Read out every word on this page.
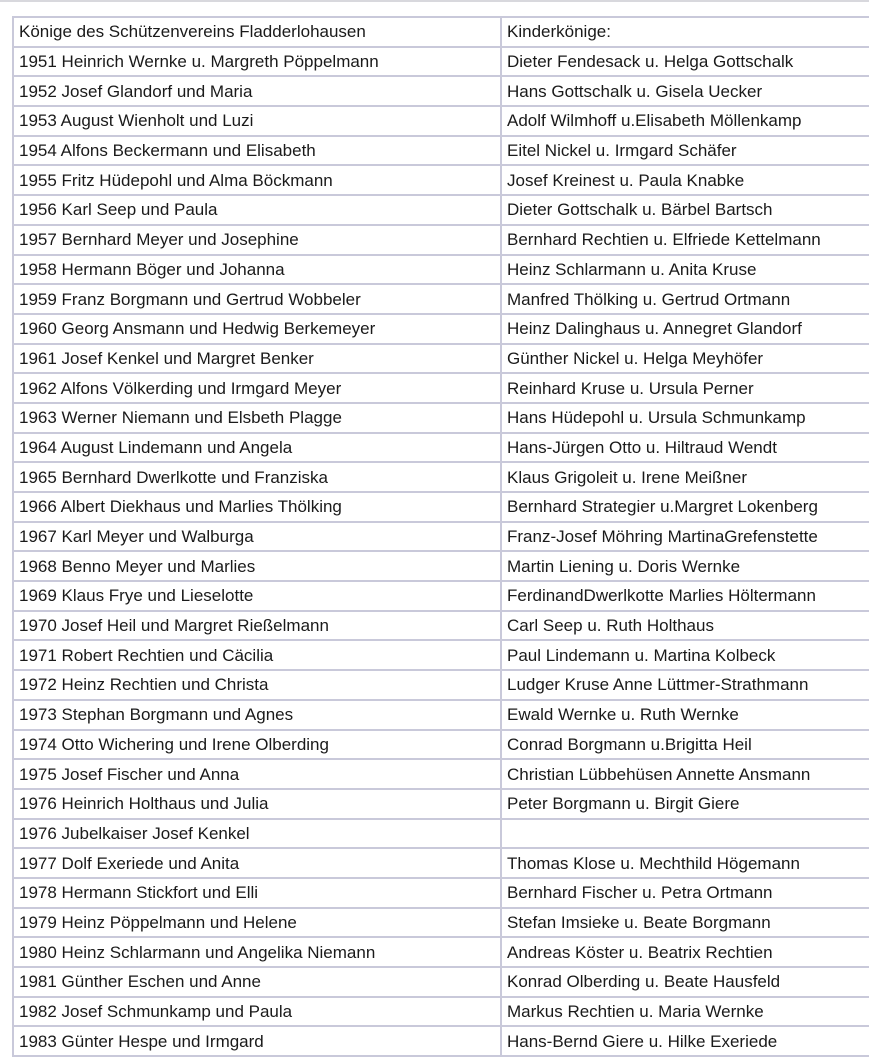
Könige des Schützenvereins Fladderlohausen	Kinderkönige:
1951 Heinrich Wernke u. Margreth Pöppelmann	Dieter Fendesack u. Helga Gottschalk
1952 Josef Glandorf und Maria	Hans Gottschalk u. Gisela Uecker
1953 August Wienholt und Luzi	Adolf Wilmhoff u.Elisabeth Möllenkamp
1954 Alfons Beckermann und Elisabeth	Eitel Nickel u. Irmgard Schäfer
1955 Fritz Hüdepohl und Alma Böckmann	Josef Kreinest u. Paula Knabke
1956 Karl Seep und Paula	Dieter Gottschalk u. Bärbel Bartsch
1957 Bernhard Meyer und Josephine	Bernhard Rechtien u. Elfriede Kettelmann
1958 Hermann Böger und Johanna	Heinz Schlarmann u. Anita Kruse
1959 Franz Borgmann und Gertrud Wobbeler	Manfred Thölking u. Gertrud Ortmann
1960 Georg Ansmann und Hedwig Berkemeyer	Heinz Dalinghaus u. Annegret Glandorf
1961 Josef Kenkel und Margret Benker	Günther Nickel u. Helga Meyhöfer
1962 Alfons Völkerding und Irmgard Meyer	Reinhard Kruse u. Ursula Perner
1963 Werner Niemann und Elsbeth Plagge	Hans Hüdepohl u. Ursula Schmunkamp
1964 August Lindemann und Angela	Hans-Jürgen Otto u. Hiltraud Wendt
1965 Bernhard Dwerlkotte und Franziska	Klaus Grigoleit u. Irene Meißner
1966 Albert Diekhaus und Marlies Thölking	Bernhard Strategier u.Margret Lokenberg
1967 Karl Meyer und Walburga	Franz-Josef Möhring MartinaGrefenstette
1968 Benno Meyer und Marlies	Martin Liening u. Doris Wernke
1969 Klaus Frye und Lieselotte	FerdinandDwerlkotte Marlies Höltermann
1970 Josef Heil und Margret Rießelmann	Carl Seep u. Ruth Holthaus
1971 Robert Rechtien und Cäcilia	Paul Lindemann u. Martina Kolbeck
1972 Heinz Rechtien und Christa	Ludger Kruse Anne Lüttmer-Strathmann
1973 Stephan Borgmann und Agnes	Ewald Wernke u. Ruth Wernke
1974 Otto Wichering und Irene Olberding	Conrad Borgmann u.Brigitta Heil
1975 Josef Fischer und Anna	Christian Lübbehüsen Annette Ansmann
1976 Heinrich Holthaus und Julia	Peter Borgmann u. Birgit Giere
1976 Jubelkaiser Josef Kenkel	
1977 Dolf Exeriede und Anita	Thomas Klose u. Mechthild Högemann
1978 Hermann Stickfort und Elli	Bernhard Fischer u. Petra Ortmann
1979 Heinz Pöppelmann und Helene	Stefan Imsieke u. Beate Borgmann
1980 Heinz Schlarmann und Angelika Niemann	Andreas Köster u. Beatrix Rechtien
1981 Günther Eschen und Anne	Konrad Olberding u. Beate Hausfeld
1982 Josef Schmunkamp und Paula	Markus Rechtien u. Maria Wernke
1983 Günter Hespe und Irmgard	Hans-Bernd Giere u. Hilke Exeriede
